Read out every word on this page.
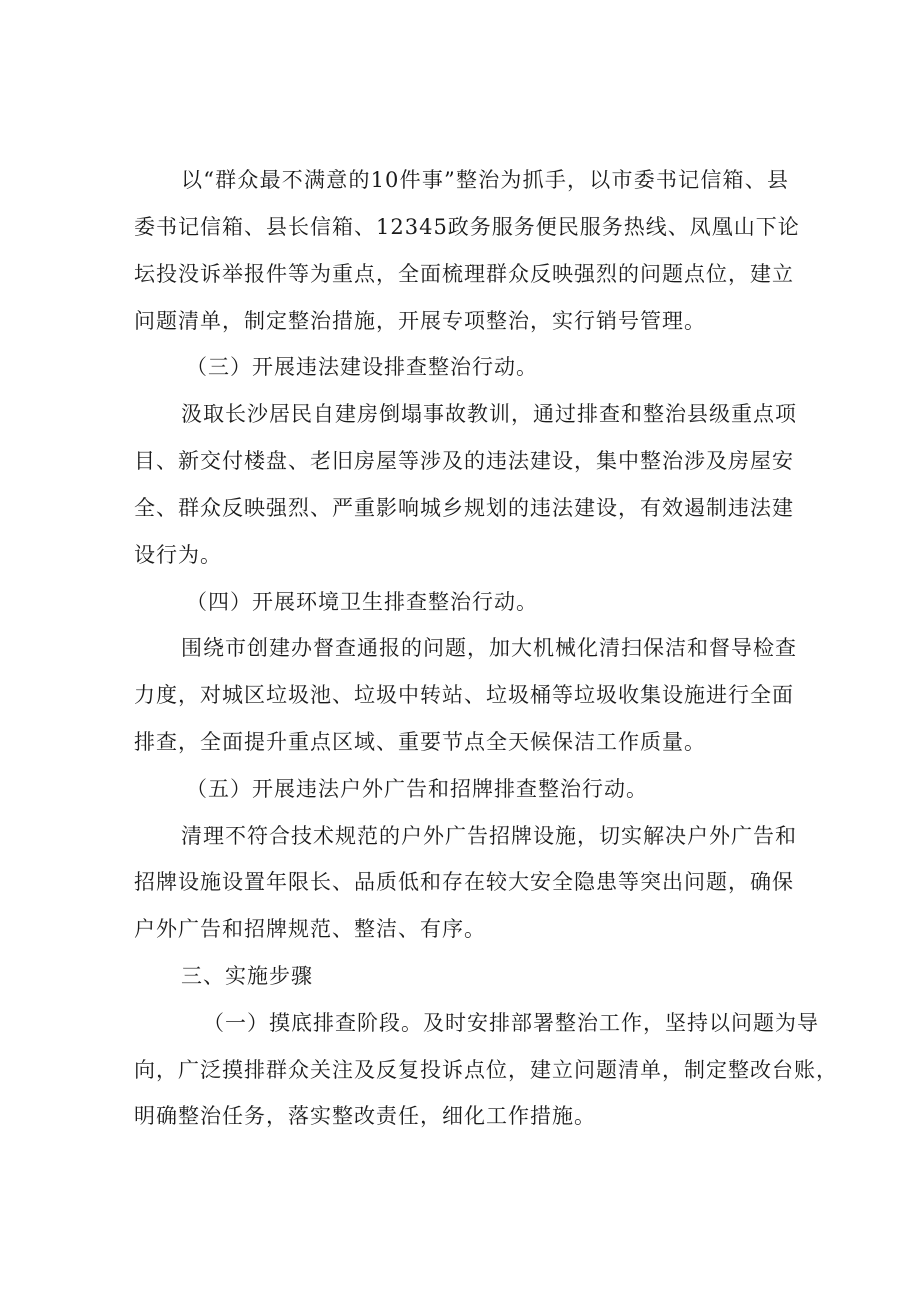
以“群众最不满意的10件事”整治为抓手，以市委书记信箱、县
委书记信箱、县长信箱、12345政务服务便民服务热线、凤凰山下论
坛投没诉举报件等为重点，全面梳理群众反映强烈的问题点位，建立
问题清单，制定整治措施，开展专项整治，实行销号管理。
（三）开展违法建设排查整治行动。
汲取长沙居民自建房倒塌事故教训，通过排查和整治县级重点项
目、新交付楼盘、老旧房屋等涉及的违法建设，集中整治涉及房屋安
全、群众反映强烈、严重影响城乡规划的违法建设，有效遏制违法建
设行为。
（四）开展环境卫生排查整治行动。
围绕市创建办督查通报的问题，加大机械化清扫保洁和督导检查
力度，对城区垃圾池、垃圾中转站、垃圾桶等垃圾收集设施进行全面
排查，全面提升重点区域、重要节点全天候保洁工作质量。
（五）开展违法户外广告和招牌排查整治行动。
清理不符合技术规范的户外广告招牌设施，切实解决户外广告和
招牌设施设置年限长、品质低和存在较大安全隐患等突出问题，确保
户外广告和招牌规范、整洁、有序。
三、实施步骤
（一）摸底排查阶段。及时安排部署整治工作，坚持以问题为导
向，广泛摸排群众关注及反复投诉点位，建立问题清单，制定整改台账，
明确整治任务，落实整改责任，细化工作措施。
